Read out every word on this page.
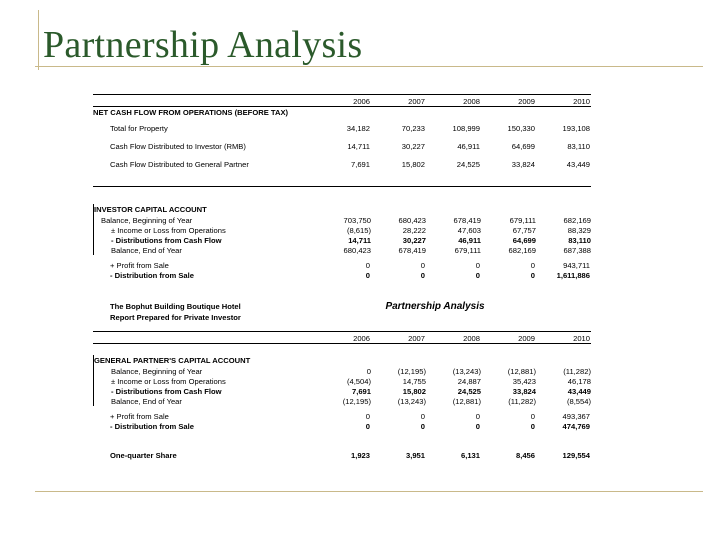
Partnership Analysis
2006	2007	2008	2009	2010
NET CASH FLOW FROM OPERATIONS (BEFORE TAX)
Total for Property	34,182	70,233	108,999	150,330	193,108
Cash Flow Distributed to Investor (RMB)	14,711	30,227	46,911	64,699	83,110
Cash Flow Distributed to General Partner	7,691	15,802	24,525	33,824	43,449
INVESTOR CAPITAL ACCOUNT
Balance, Beginning of Year	703,750	680,423	678,419	679,111	682,169
± Income or Loss from Operations	(8,615)	28,222	47,603	67,757	88,329
- Distributions from Cash Flow	14,711	30,227	46,911	64,699	83,110
Balance, End of Year	680,423	678,419	679,111	682,169	687,388
+ Profit from Sale	0	0	0	0	943,711
- Distribution from Sale	0	0	0	0	1,611,886
Partnership Analysis
The Bophut Building Boutique Hotel
Report Prepared for Private Investor
2006	2007	2008	2009	2010
GENERAL PARTNER'S CAPITAL ACCOUNT
Balance, Beginning of Year	0	(12,195)	(13,243)	(12,881)	(11,282)
± Income or Loss from Operations	(4,504)	14,755	24,887	35,423	46,178
- Distributions from Cash Flow	7,691	15,802	24,525	33,824	43,449
Balance, End of Year	(12,195)	(13,243)	(12,881)	(11,282)	(8,554)
+ Profit from Sale	0	0	0	0	493,367
- Distribution from Sale	0	0	0	0	474,769
One-quarter Share	1,923	3,951	6,131	8,456	129,554
